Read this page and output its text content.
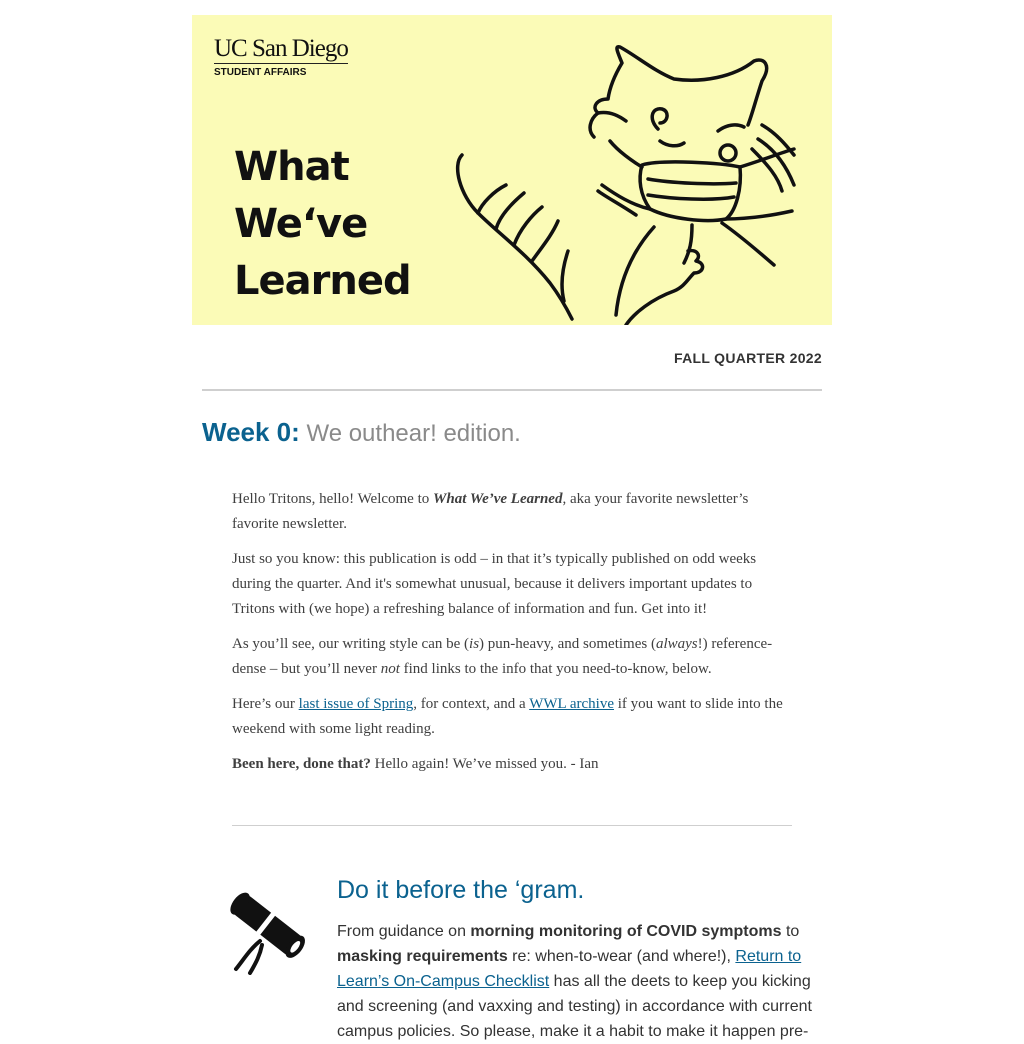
UC San Diego
STUDENT AFFAIRS
What
We‘ve
Learned
FALL QUARTER 2022
Week 0: We outhear! edition.

Hello Tritons, hello! Welcome to What We’ve Learned, aka your favorite newsletter’s favorite newsletter.

Just so you know: this publication is odd – in that it’s typically published on odd weeks during the quarter. And it's somewhat unusual, because it delivers important updates to Tritons with (we hope) a refreshing balance of information and fun. Get into it!

As you’ll see, our writing style can be (is) pun-heavy, and sometimes (always!) reference-dense – but you’ll never not find links to the info that you need-to-know, below.

Here’s our last issue of Spring, for context, and a WWL archive if you want to slide into the weekend with some light reading.

Been here, done that? Hello again! We’ve missed you. - Ian

Do it before the ‘gram.
From guidance on morning monitoring of COVID symptoms to masking requirements re: when-to-wear (and where!), Return to Learn’s On-Campus Checklist has all the deets to keep you kicking and screening (and vaxxing and testing) in accordance with current campus policies. So please, make it a habit to make it happen pre-
